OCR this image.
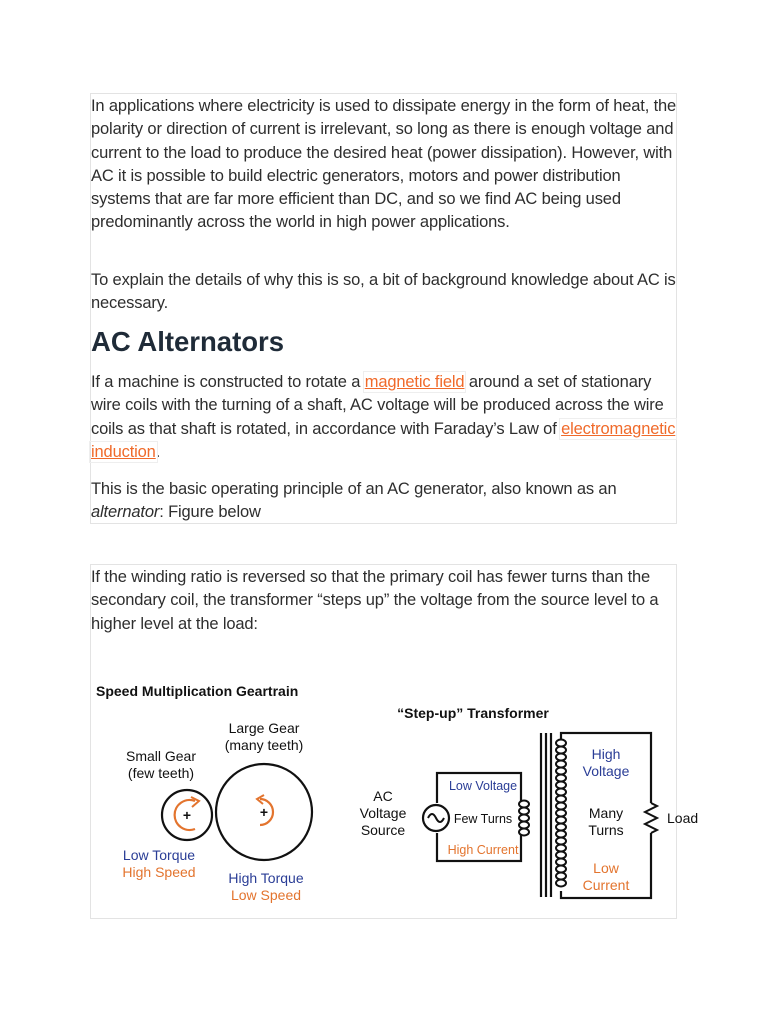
In applications where electricity is used to dissipate energy in the form of heat, the polarity or direction of current is irrelevant, so long as there is enough voltage and current to the load to produce the desired heat (power dissipation). However, with AC it is possible to build electric generators, motors and power distribution systems that are far more efficient than DC, and so we find AC being used predominantly across the world in high power applications.

To explain the details of why this is so, a bit of background knowledge about AC is necessary.

AC Alternators

If a machine is constructed to rotate a magnetic field around a set of stationary wire coils with the turning of a shaft, AC voltage will be produced across the wire coils as that shaft is rotated, in accordance with Faraday’s Law of electromagnetic induction.

This is the basic operating principle of an AC generator, also known as an alternator: Figure below

If the winding ratio is reversed so that the primary coil has fewer turns than the secondary coil, the transformer “steps up” the voltage from the source level to a higher level at the load:

Speed Multiplication Geartrain
Large Gear
(many teeth)
Small Gear
(few teeth)
+	+
Low Torque
High Speed High Torque
Low Speed
“Step-up” Transformer
AC
Voltage
Source
Low Voltage
Few Turns
High Current
High
Voltage
Many
Turns
Low
Current
Load
